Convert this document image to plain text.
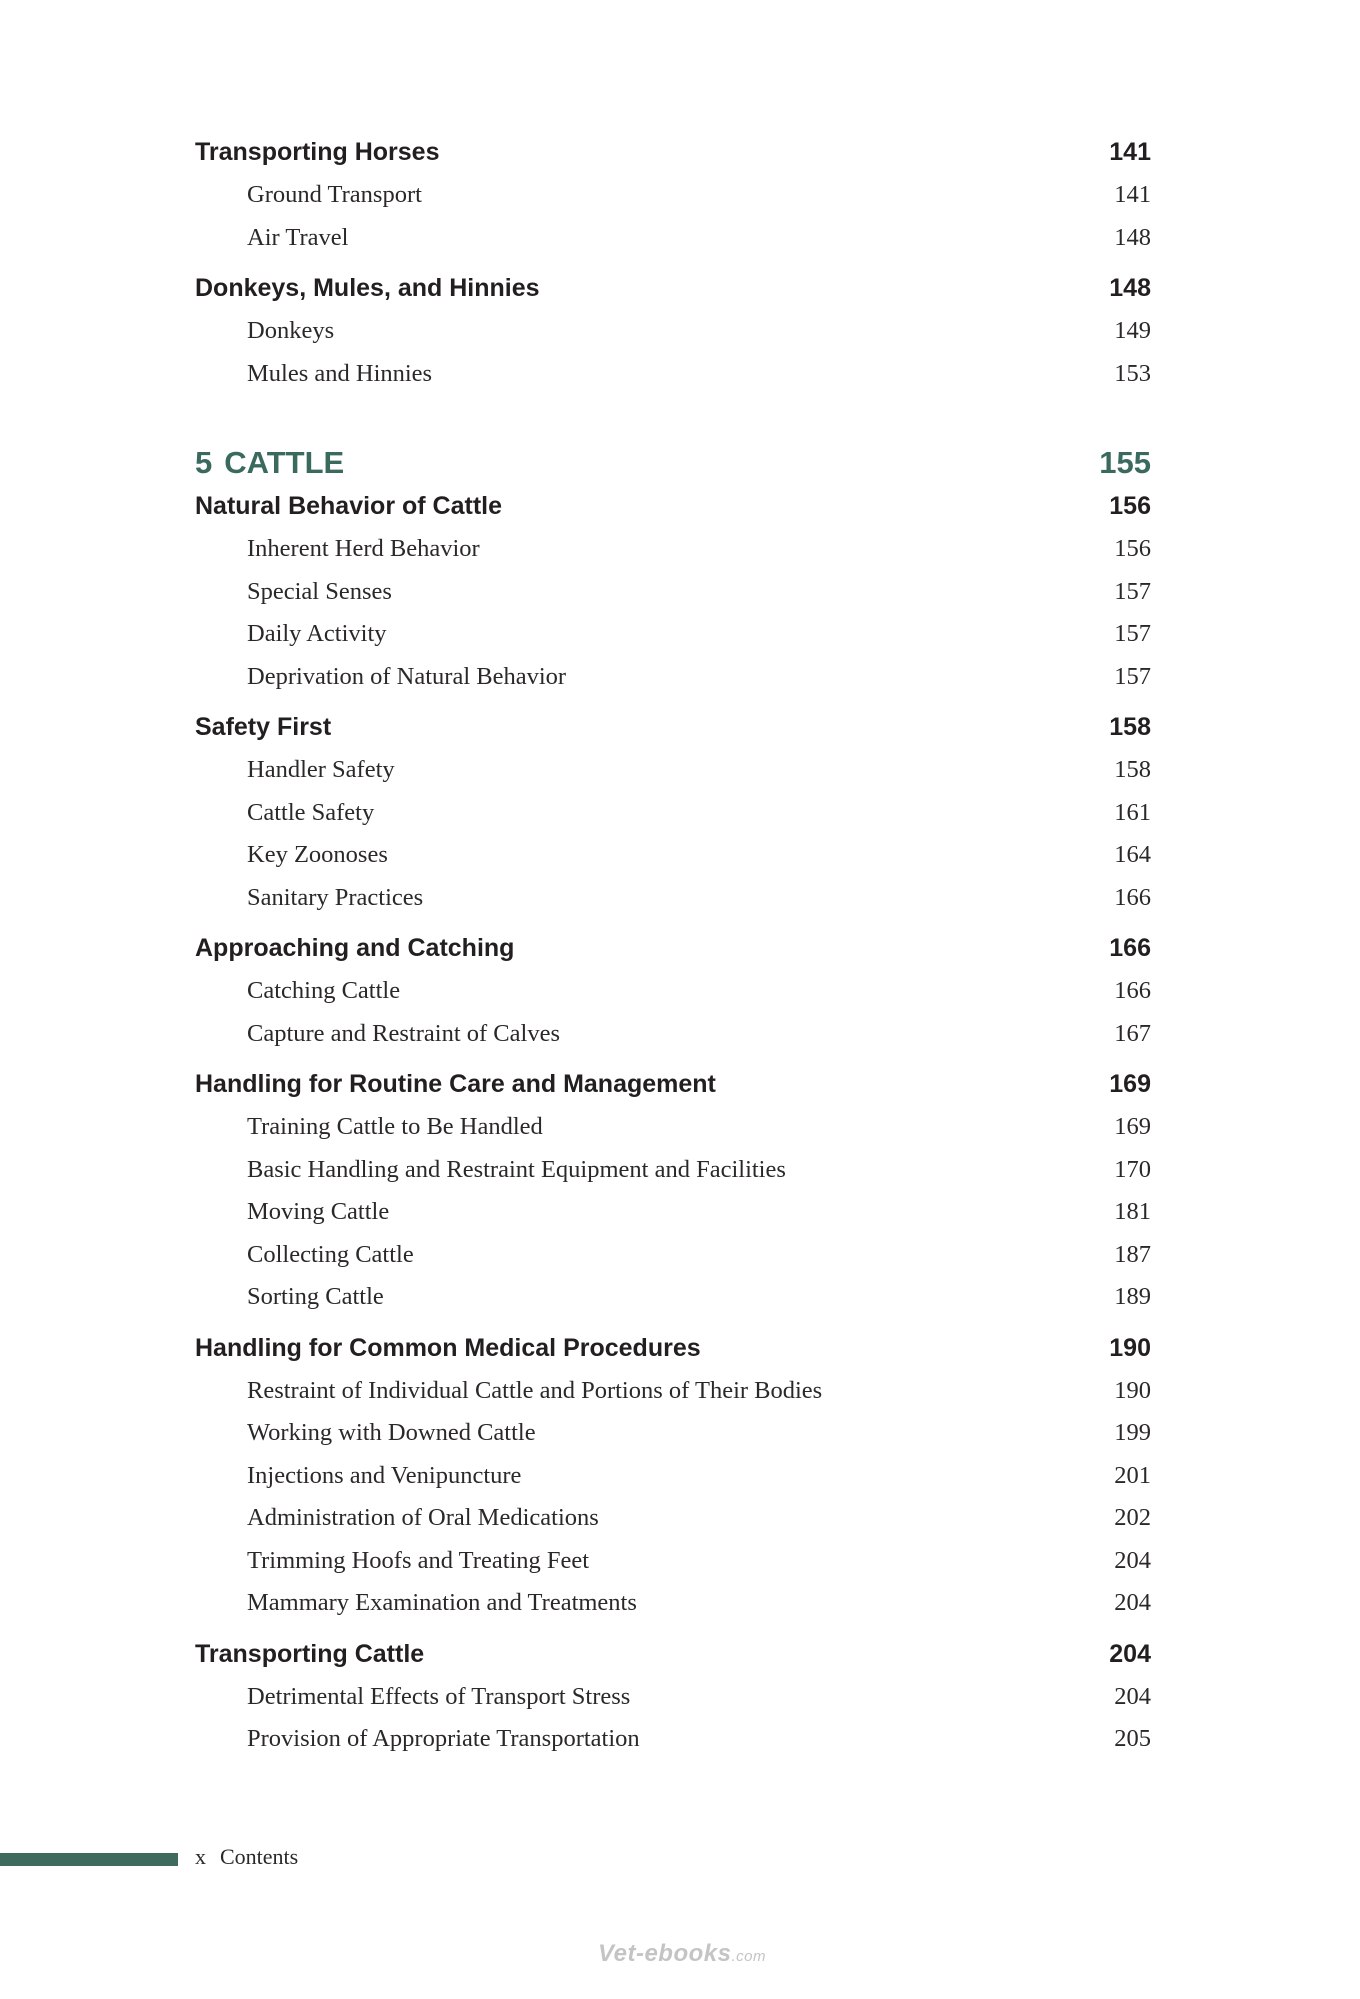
Transporting Horses	141
Ground Transport	141
Air Travel	148
Donkeys, Mules, and Hinnies	148
Donkeys	149
Mules and Hinnies	153
5 CATTLE	155
Natural Behavior of Cattle	156
Inherent Herd Behavior	156
Special Senses	157
Daily Activity	157
Deprivation of Natural Behavior	157
Safety First	158
Handler Safety	158
Cattle Safety	161
Key Zoonoses	164
Sanitary Practices	166
Approaching and Catching	166
Catching Cattle	166
Capture and Restraint of Calves	167
Handling for Routine Care and Management	169
Training Cattle to Be Handled	169
Basic Handling and Restraint Equipment and Facilities	170
Moving Cattle	181
Collecting Cattle	187
Sorting Cattle	189
Handling for Common Medical Procedures	190
Restraint of Individual Cattle and Portions of Their Bodies	190
Working with Downed Cattle	199
Injections and Venipuncture	201
Administration of Oral Medications	202
Trimming Hoofs and Treating Feet	204
Mammary Examination and Treatments	204
Transporting Cattle	204
Detrimental Effects of Transport Stress	204
Provision of Appropriate Transportation	205
x Contents
Vet-ebooks.com
